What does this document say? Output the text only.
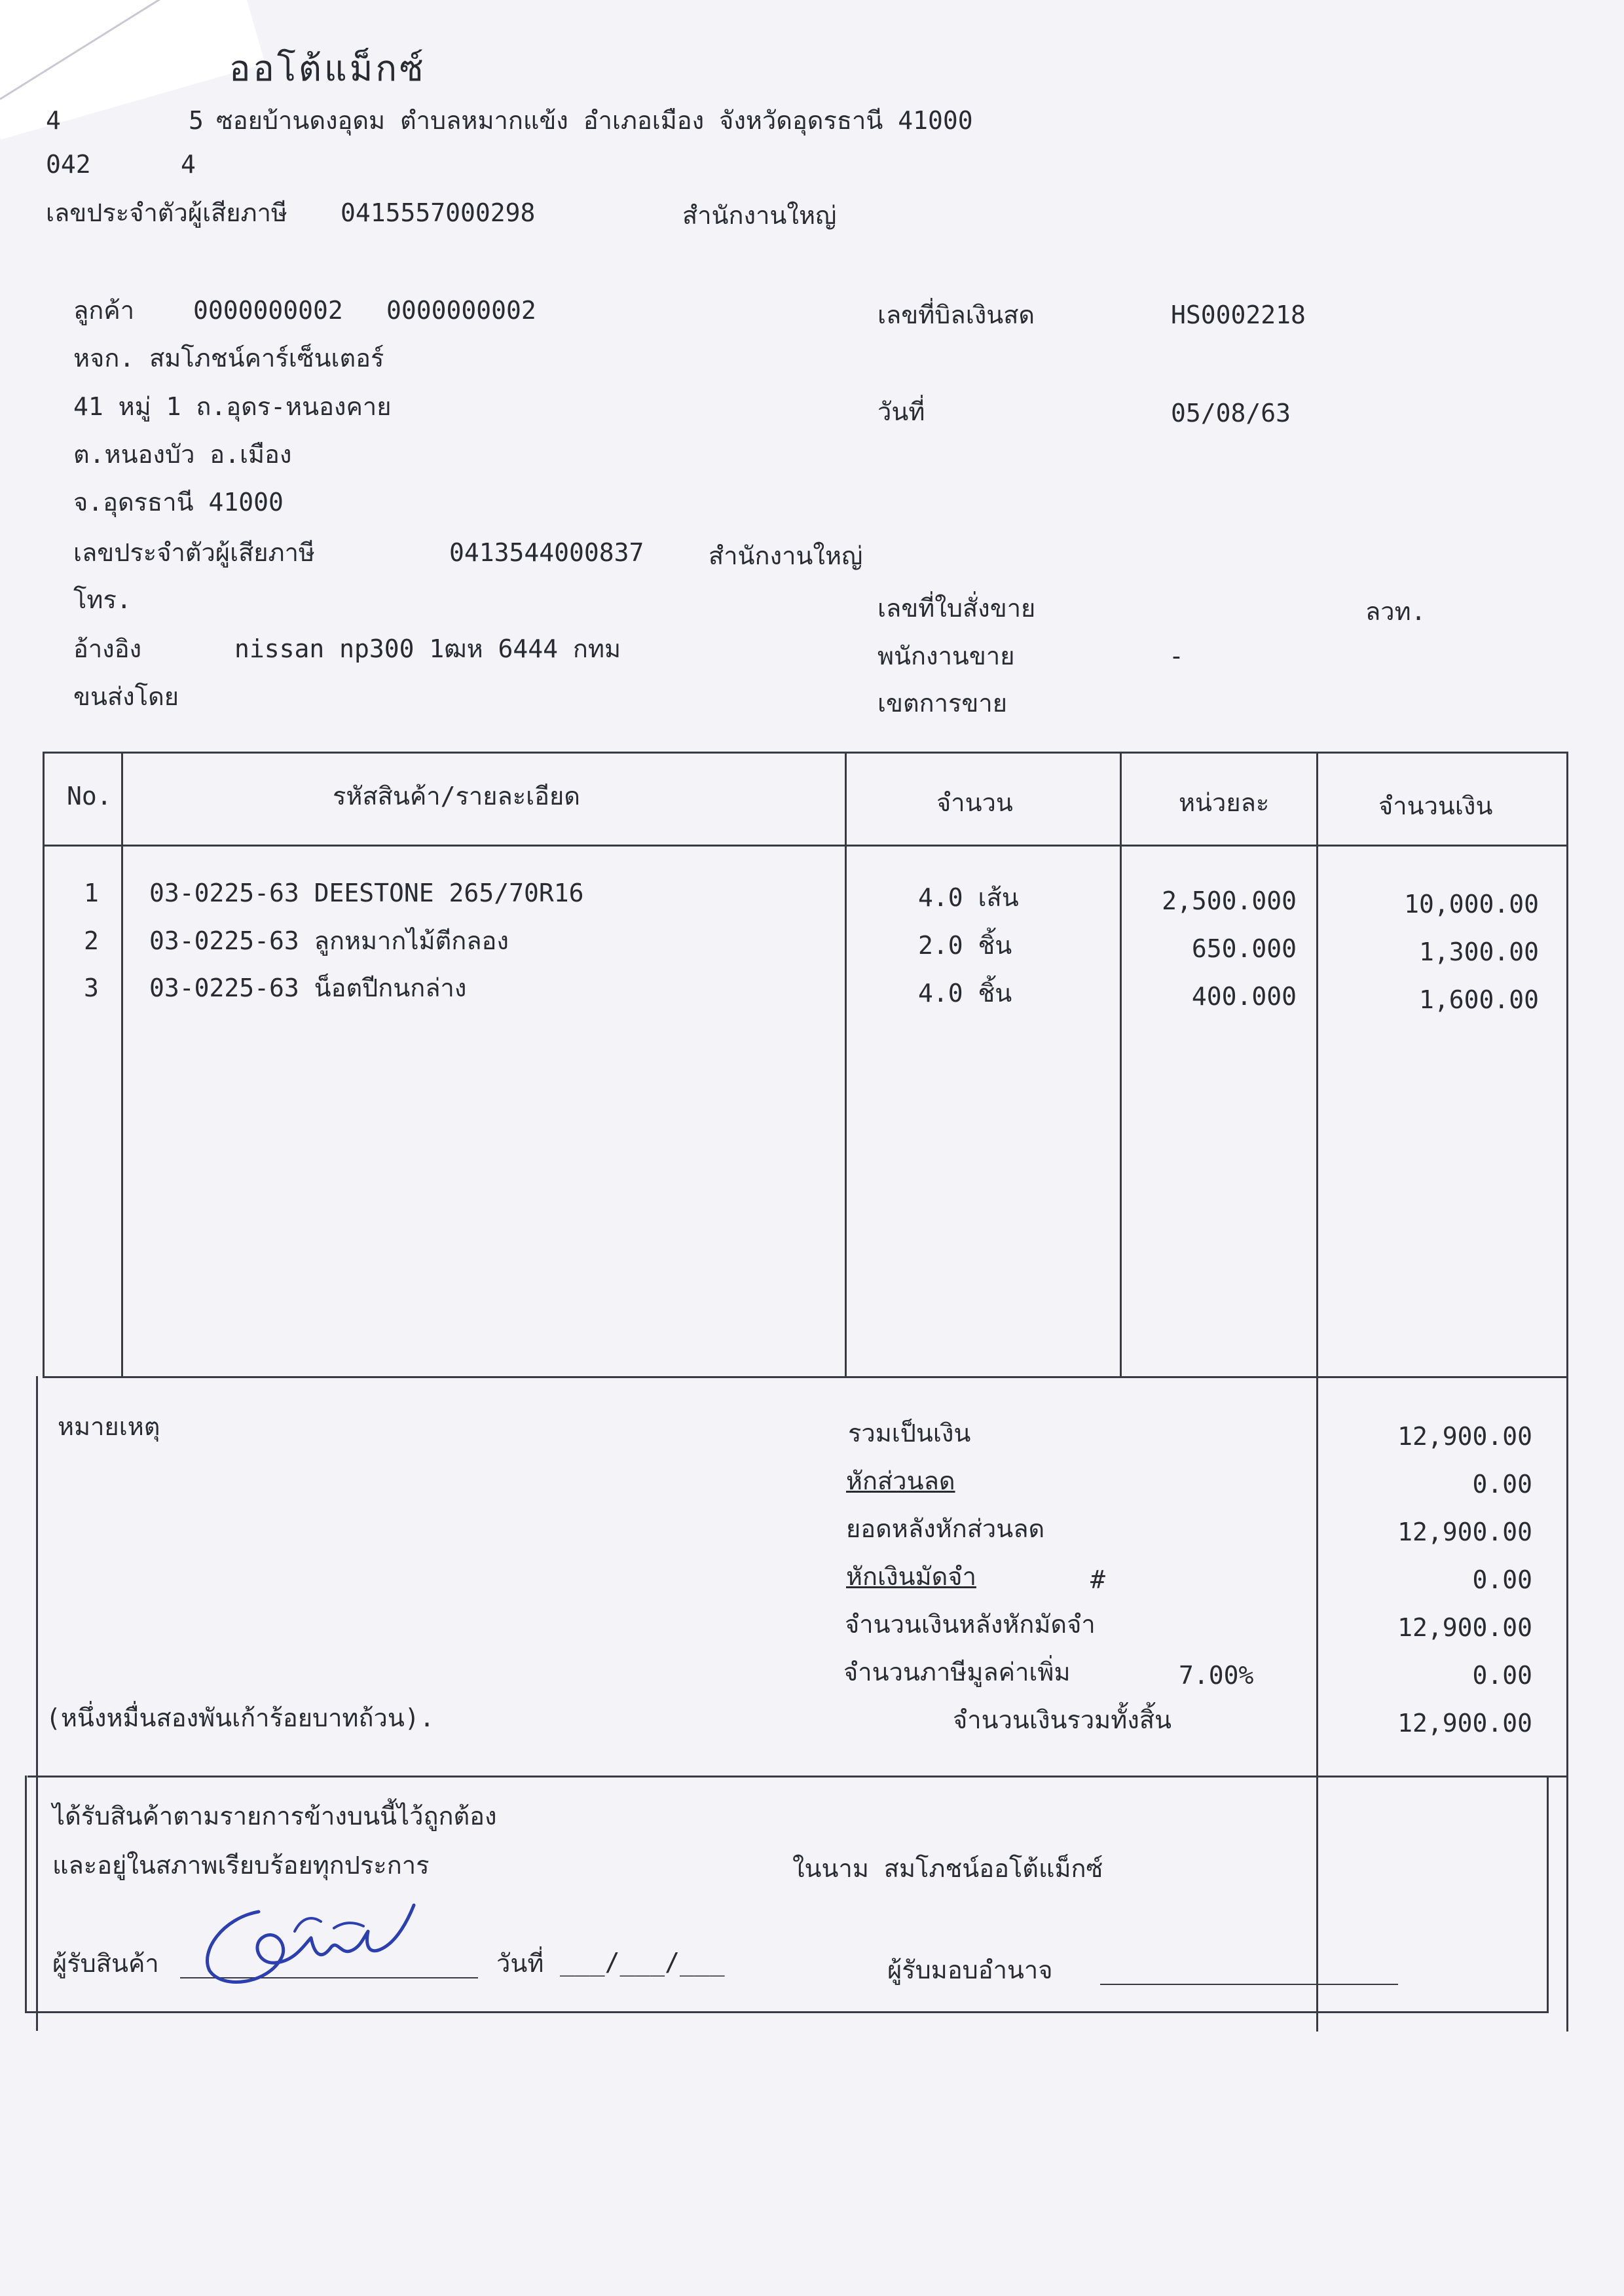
ออโต้แม็กซ์
4	5 ซอยบ้านดงอุดม ตำบลหมากแข้ง อำเภอเมือง จังหวัดอุดรธานี 41000
042	4
เลขประจำตัวผู้เสียภาษี 0415557000298	สำนักงานใหญ่
ลูกค้า 0000000002 0000000002
หจก. สมโภชน์คาร์เซ็นเตอร์
41 หมู่ 1 ถ.อุดร-หนองคาย
ต.หนองบัว อ.เมือง
จ.อุดรธานี 41000
เลขประจำตัวผู้เสียภาษี	0413544000837	สำนักงานใหญ่
โทร.
อ้างอิง	nissan np300 1ฒห 6444 กทม
ขนส่งโดย
เลขที่บิลเงินสด	HS0002218
วันที่	05/08/63
เลขที่ใบสั่งขาย	ลวท.
พนักงานขาย	-
เขตการขาย
No.	รหัสสินค้า/รายละเอียด	จำนวน	หน่วยละ	จำนวนเงิน
1 03-0225-63 DEESTONE 265/70R16	4.0 เส้น	2,500.000	10,000.00
2 03-0225-63 ลูกหมากไม้ตีกลอง	2.0 ชิ้น	650.000	1,300.00
3 03-0225-63 น็อตปีกนกล่าง	4.0 ชิ้น	400.000	1,600.00
หมายเหตุ	รวมเป็นเงิน	12,900.00
หักส่วนลด	0.00
ยอดหลังหักส่วนลด	12,900.00
หักเงินมัดจำ	#	0.00
จำนวนเงินหลังหักมัดจำ	12,900.00
จำนวนภาษีมูลค่าเพิ่ม	7.00%	0.00
(หนึ่งหมื่นสองพันเก้าร้อยบาทถ้วน).	จำนวนเงินรวมทั้งสิ้น	12,900.00
ได้รับสินค้าตามรายการข้างบนนี้ไว้ถูกต้อง
และอยู่ในสภาพเรียบร้อยทุกประการ	ในนาม สมโภชน์ออโต้แม็กซ์
ผู้รับสินค้า	วันที่ ___/___/___	ผู้รับมอบอำนาจ
